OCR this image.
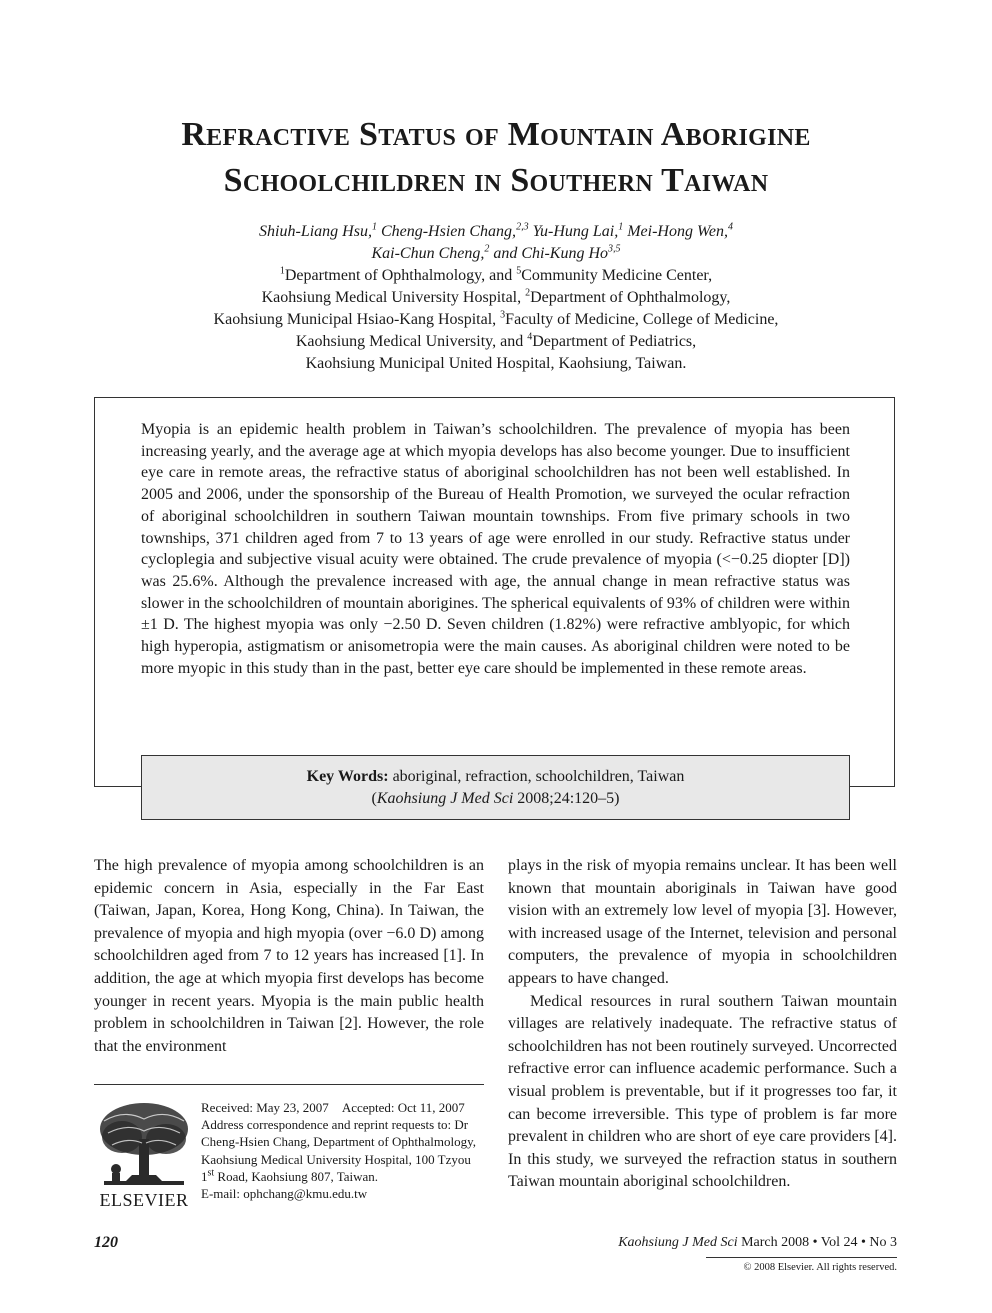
Refractive Status of Mountain Aborigine
Schoolchildren in Southern Taiwan
Shiuh-Liang Hsu,$^1$ Cheng-Hsien Chang,$^{2,3}$ Yu-Hung Lai,$^1$ Mei-Hong Wen,$^4$
Kai-Chun Cheng,$^2$ and Chi-Kung Ho$^{3,5}$
$^1$Department of Ophthalmology, and $^5$Community Medicine Center,
Kaohsiung Medical University Hospital, $^2$Department of Ophthalmology,
Kaohsiung Municipal Hsiao-Kang Hospital, $^3$Faculty of Medicine, College of Medicine,
Kaohsiung Medical University, and $^4$Department of Pediatrics,
Kaohsiung Municipal United Hospital, Kaohsiung, Taiwan.
Myopia is an epidemic health problem in Taiwan’s schoolchildren. The prevalence of myopia has been increasing yearly, and the average age at which myopia develops has also become younger. Due to insufficient eye care in remote areas, the refractive status of aboriginal schoolchildren has not been well established. In 2005 and 2006, under the sponsorship of the Bureau of Health Promotion, we surveyed the ocular refraction of aboriginal schoolchildren in southern Taiwan mountain townships. From five primary schools in two townships, 371 children aged from 7 to 13 years of age were enrolled in our study. Refractive status under cycloplegia and subjective visual acuity were obtained. The crude prevalence of myopia (<−0.25 diopter [D]) was 25.6%. Although the prevalence increased with age, the annual change in mean refractive status was slower in the schoolchildren of mountain aborigines. The spherical equivalents of 93% of children were within ±1 D. The highest myopia was only −2.50 D. Seven children (1.82%) were refractive amblyopic, for which high hyperopia, astigmatism or anisometropia were the main causes. As aboriginal children were noted to be more myopic in this study than in the past, better eye care should be implemented in these remote areas.
Key Words: aboriginal, refraction, schoolchildren, Taiwan
(Kaohsiung J Med Sci 2008;24:120–5)

The high prevalence of myopia among schoolchildren is an epidemic concern in Asia, especially in the Far East (Taiwan, Japan, Korea, Hong Kong, China). In Taiwan, the prevalence of myopia and high myopia (over −6.0 D) among schoolchildren aged from 7 to 12 years has increased [1]. In addition, the age at which myopia first develops has become younger in recent years. Myopia is the main public health problem in schoolchildren in Taiwan [2]. However, the role that the environment

plays in the risk of myopia remains unclear. It has been well known that mountain aboriginals in Taiwan have good vision with an extremely low level of myopia [3]. However, with increased usage of the Internet, television and personal computers, the prevalence of myopia in schoolchildren appears to have changed.

Medical resources in rural southern Taiwan mountain villages are relatively inadequate. The refractive status of schoolchildren has not been routinely surveyed. Uncorrected refractive error can influence academic performance. Such a visual problem is preventable, but if it progresses too far, it can become irreversible. This type of problem is far more prevalent in children who are short of eye care providers [4]. In this study, we surveyed the refraction status in southern Taiwan mountain aboriginal schoolchildren.

ELSEVIER

Received: May 23, 2007 Accepted: Oct 11, 2007

Address correspondence and reprint requests to: Dr Cheng-Hsien Chang, Department of Ophthalmology, Kaohsiung Medical University Hospital, 100 Tzyou 1st Road, Kaohsiung 807, Taiwan.

E-mail: ophchang@kmu.edu.tw

120	Kaohsiung J Med Sci March 2008 • Vol 24 • No 3
© 2008 Elsevier. All rights reserved.
